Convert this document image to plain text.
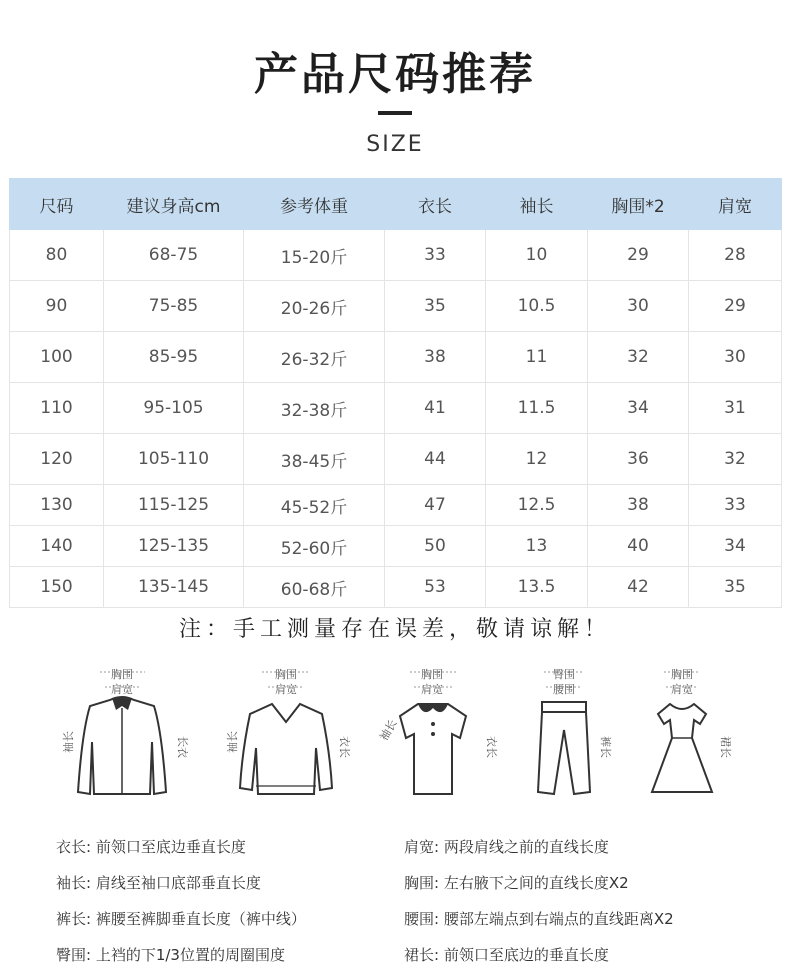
产品尺码推荐
SIZE
尺码	建议身高cm	参考体重	衣长	袖长	胸围*2	肩宽
80	68-75	15-20斤	33	10	29	28
90	75-85	20-26斤	35	10.5	30	29
100	85-95	26-32斤	38	11	32	30
110	95-105	32-38斤	41	11.5	34	31
120	105-110	38-45斤	44	12	36	32
130	115-125	45-52斤	47	12.5	38	33
140	125-135	52-60斤	50	13	40	34
150	135-145	60-68斤	53	13.5	42	35
注：手工测量存在误差，敬请谅解！
胸围
肩宽
袖长	长衣
胸围
肩宽
袖长	衣长
胸围
肩宽
袖长
衣长
臀围
腰围
裤长
胸围
肩宽
裙长
衣长: 前领口至底边垂直长度
袖长: 肩线至袖口底部垂直长度
裤长: 裤腰至裤脚垂直长度（裤中线）
臀围: 上裆的下1/3位置的周圈围度
肩宽: 两段肩线之前的直线长度
胸围: 左右腋下之间的直线长度X2
腰围: 腰部左端点到右端点的直线距离X2
裙长: 前领口至底边的垂直长度
